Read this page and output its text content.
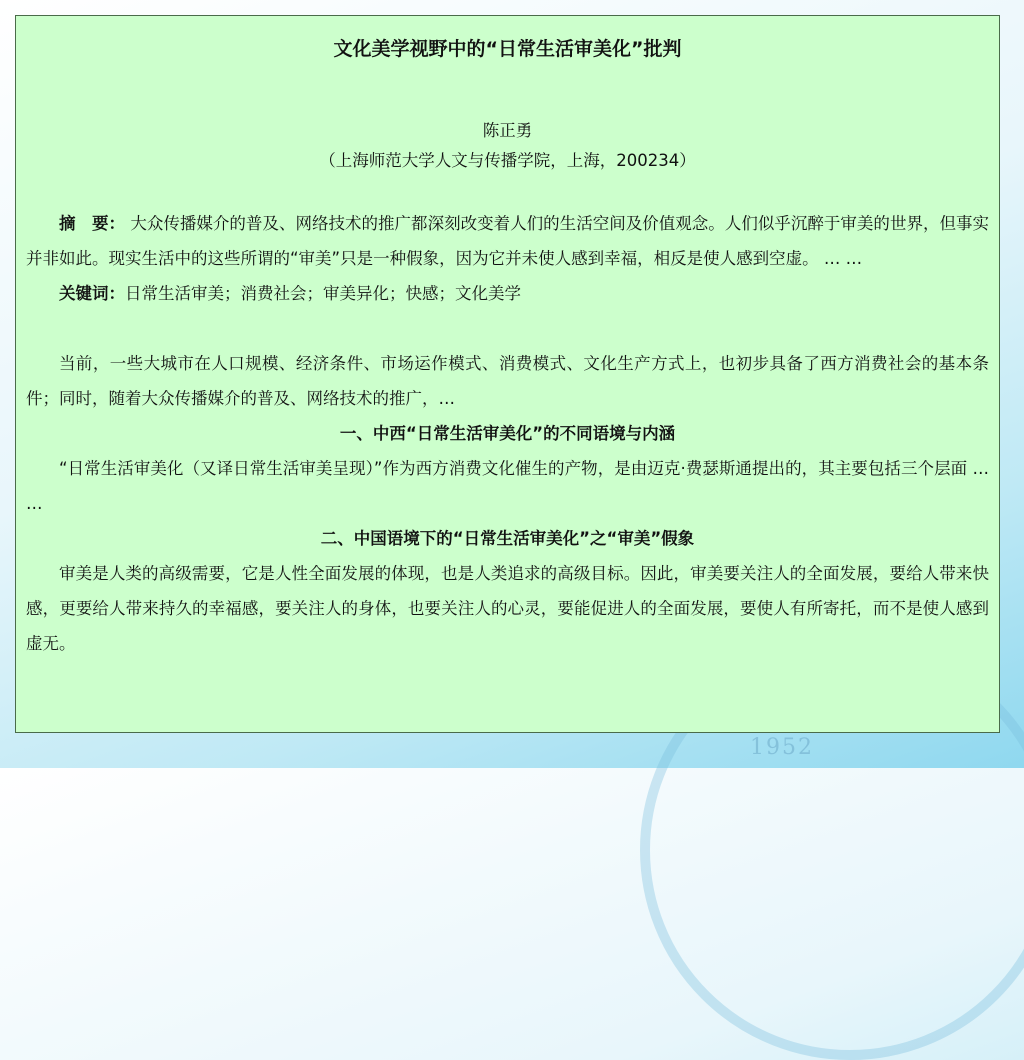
1952
文化美学视野中的“日常生活审美化”批判
陈正勇
（上海师范大学人文与传播学院，上海，200234）

摘　要： 大众传播媒介的普及、网络技术的推广都深刻改变着人们的生活空间及价值观念。人们似乎沉醉于审美的世界，但事实并非如此。现实生活中的这些所谓的“审美”只是一种假象，因为它并未使人感到幸福，相反是使人感到空虚。 … …

关键词：日常生活审美；消费社会；审美异化；快感；文化美学

当前，一些大城市在人口规模、经济条件、市场运作模式、消费模式、文化生产方式上，也初步具备了西方消费社会的基本条件；同时，随着大众传播媒介的普及、网络技术的推广，…

一、中西“日常生活审美化”的不同语境与内涵

“日常生活审美化（又译日常生活审美呈现）”作为西方消费文化催生的产物，是由迈克·费瑟斯通提出的，其主要包括三个层面 … …

二、中国语境下的“日常生活审美化”之“审美”假象

审美是人类的高级需要，它是人性全面发展的体现，也是人类追求的高级目标。因此，审美要关注人的全面发展，要给人带来快感，更要给人带来持久的幸福感，要关注人的身体，也要关注人的心灵，要能促进人的全面发展，要使人有所寄托，而不是使人感到虚无。
